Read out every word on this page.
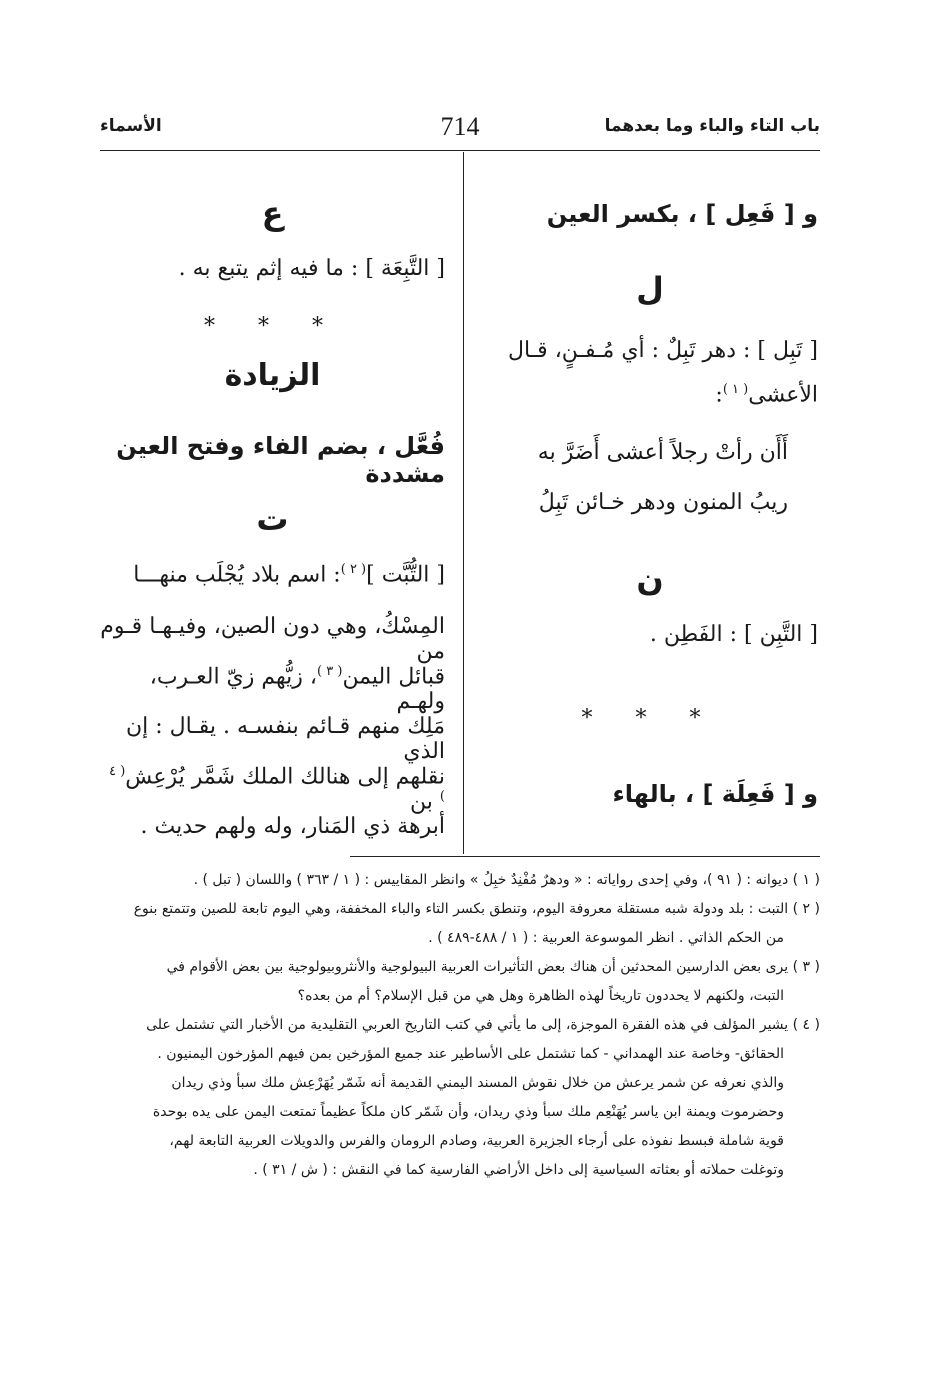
باب التاء والباء وما بعدهما
714
الأسماء
و [ فَعِل ] ، بكسر العين
ل
[ تَبِل ] : دهر تَبِلٌ : أي مُـفـنٍ، قـال
الأعشى$^{( ١ )}$:
أَأَن رأتْ رجلاً أعشى أَضَرَّ به
ريبُ المنون ودهر خـائن تَبِلُ
ن
[ التَّبِن ] : الفَطِن .
* * *
و [ فَعِلَة ] ، بالهاء
ع
[ التَّبِعَة ] : ما فيه إثم يتبع به .
* * *
الزيادة
فُعَّل ، بضم الفاء وفتح العين مشددة
ت
[ التُّبَّت ]$^{( ٢ )}$: اسم بلاد يُجْلَب منهـــا
المِسْكُ، وهي دون الصين، وفيـهـا قـوم من
قبائل اليمن$^{( ٣ )}$، زيُّهم زيّ العـرب، ولهـم
مَلِك منهم قـائم بنفسـه . يقـال : إن الذي
نقلهم إلى هنالك الملك شَمَّر يُرْعِش$^{( ٤ )}$ بن
أبرهة ذي المَنار، وله ولهم حديث .
( ١ ) ديوانه : ( ٩١ )، وفي إحدى رواياته : « ودهرٌ مُفْنِدٌ خبِلُ » وانظر المقاييس : ( ١ / ٣٦٣ ) واللسان ( تبل ) .
( ٢ ) التبت : بلد ودولة شبه مستقلة معروفة اليوم، وتنطق بكسر التاء والباء المخففة، وهي اليوم تابعة للصين وتتمتع بنوع
من الحكم الذاتي . انظر الموسوعة العربية : ( ١ / ٤٨٨-٤٨٩ ) .
( ٣ ) يرى بعض الدارسين المحدثين أن هناك بعض التأثيرات العربية البيولوجية والأنثروبيولوجية بين بعض الأقوام في
التبت، ولكنهم لا يحددون تاريخاً لهذه الظاهرة وهل هي من قبل الإسلام؟ أم من بعده؟
( ٤ ) يشير المؤلف في هذه الفقرة الموجزة، إلى ما يأتي في كتب التاريخ العربي التقليدية من الأخبار التي تشتمل على
الحقائق- وخاصة عند الهمداني - كما تشتمل على الأساطير عند جميع المؤرخين بمن فيهم المؤرخون اليمنيون .
والذي نعرفه عن شمر يرعش من خلال نقوش المسند اليمني القديمة أنه شَمّر يُهَرْعِش ملك سبأ وذي ريدان
وحضرموت ويمنة ابن ياسر يُهَنْعِم ملك سبأ وذي ريدان، وأن شَمّر كان ملكاً عظيماً تمتعت اليمن على يده بوحدة
قوية شاملة فبسط نفوذه على أرجاء الجزيرة العربية، وصادم الرومان والفرس والدويلات العربية التابعة لهم،
وتوغلت حملاته أو بعثاته السياسية إلى داخل الأراضي الفارسية كما في النقش : ( ش / ٣١ ) .
